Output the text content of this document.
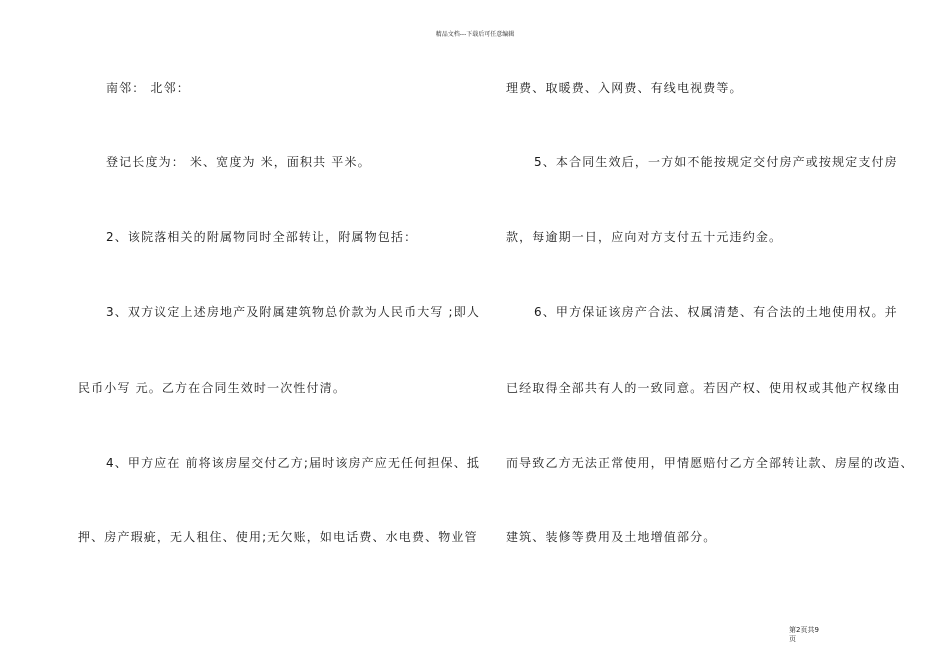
精品文档---下载后可任意编辑
南邻： 北邻：
登记长度为： 米、宽度为 米，面积共 平米。
2、该院落相关的附属物同时全部转让，附属物包括：
3、双方议定上述房地产及附属建筑物总价款为人民币大写 ;即人
民币小写 元。乙方在合同生效时一次性付清。
4、甲方应在 前将该房屋交付乙方;届时该房产应无任何担保、抵
押、房产瑕疵，无人租住、使用;无欠账，如电话费、水电费、物业管
理费、取暖费、入网费、有线电视费等。
5、本合同生效后，一方如不能按规定交付房产或按规定支付房
款，每逾期一日，应向对方支付五十元违约金。
6、甲方保证该房产合法、权属清楚、有合法的土地使用权。并
已经取得全部共有人的一致同意。若因产权、使用权或其他产权缘由
而导致乙方无法正常使用，甲情愿赔付乙方全部转让款、房屋的改造、
建筑、装修等费用及土地增值部分。
第2页共9
页
